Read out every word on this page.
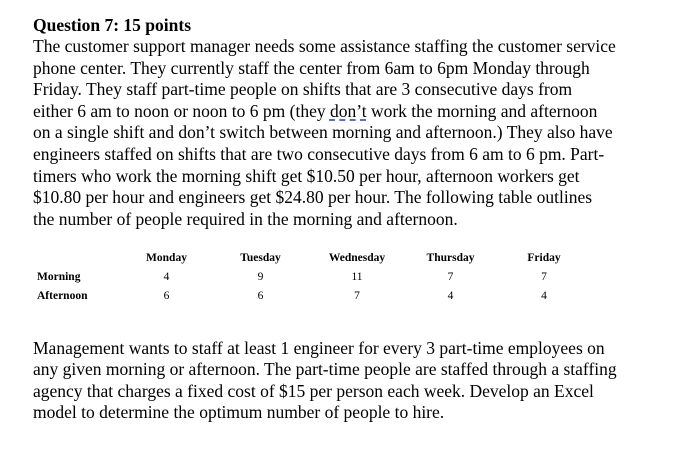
Question 7: 15 points

The customer support manager needs some assistance staffing the customer service
phone center. They currently staff the center from 6am to 6pm Monday through
Friday. They staff part-time people on shifts that are 3 consecutive days from
either 6 am to noon or noon to 6 pm (they don’t work the morning and afternoon
on a single shift and don’t switch between morning and afternoon.) They also have
engineers staffed on shifts that are two consecutive days from 6 am to 6 pm. Part-
timers who work the morning shift get $10.50 per hour, afternoon workers get
$10.80 per hour and engineers get $24.80 per hour. The following table outlines
the number of people required in the morning and afternoon.

	Monday	Tuesday	Wednesday	Thursday	Friday
Morning	4	9	11	7	7
Afternoon	6	6	7	4	4

Management wants to staff at least 1 engineer for every 3 part-time employees on
any given morning or afternoon. The part-time people are staffed through a staffing
agency that charges a fixed cost of $15 per person each week. Develop an Excel
model to determine the optimum number of people to hire.
